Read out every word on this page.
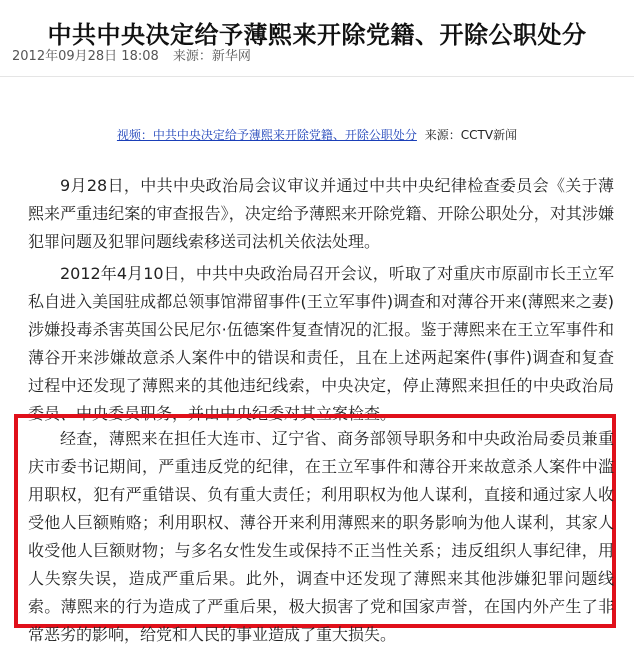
中共中央决定给予薄熙来开除党籍、开除公职处分
2012年09月28日 18:08 来源：新华网
视频：中共中央决定给予薄熙来开除党籍、开除公职处分 来源：CCTV新闻

9月28日，中共中央政治局会议审议并通过中共中央纪律检查委员会《关于薄熙来严重违纪案的审查报告》，决定给予薄熙来开除党籍、开除公职处分，对其涉嫌犯罪问题及犯罪问题线索移送司法机关依法处理。

2012年4月10日，中共中央政治局召开会议，听取了对重庆市原副市长王立军私自进入美国驻成都总领事馆滞留事件(王立军事件)调查和对薄谷开来(薄熙来之妻)涉嫌投毒杀害英国公民尼尔·伍德案件复查情况的汇报。鉴于薄熙来在王立军事件和薄谷开来涉嫌故意杀人案件中的错误和责任，且在上述两起案件(事件)调查和复查过程中还发现了薄熙来的其他违纪线索，中央决定，停止薄熙来担任的中央政治局委员、中央委员职务，并由中央纪委对其立案检查。

经查，薄熙来在担任大连市、辽宁省、商务部领导职务和中央政治局委员兼重庆市委书记期间，严重违反党的纪律，在王立军事件和薄谷开来故意杀人案件中滥用职权，犯有严重错误、负有重大责任；利用职权为他人谋利，直接和通过家人收受他人巨额贿赂；利用职权、薄谷开来利用薄熙来的职务影响为他人谋利，其家人收受他人巨额财物；与多名女性发生或保持不正当性关系；违反组织人事纪律，用人失察失误，造成严重后果。此外，调查中还发现了薄熙来其他涉嫌犯罪问题线索。薄熙来的行为造成了严重后果，极大损害了党和国家声誉，在国内外产生了非常恶劣的影响，给党和人民的事业造成了重大损失。
